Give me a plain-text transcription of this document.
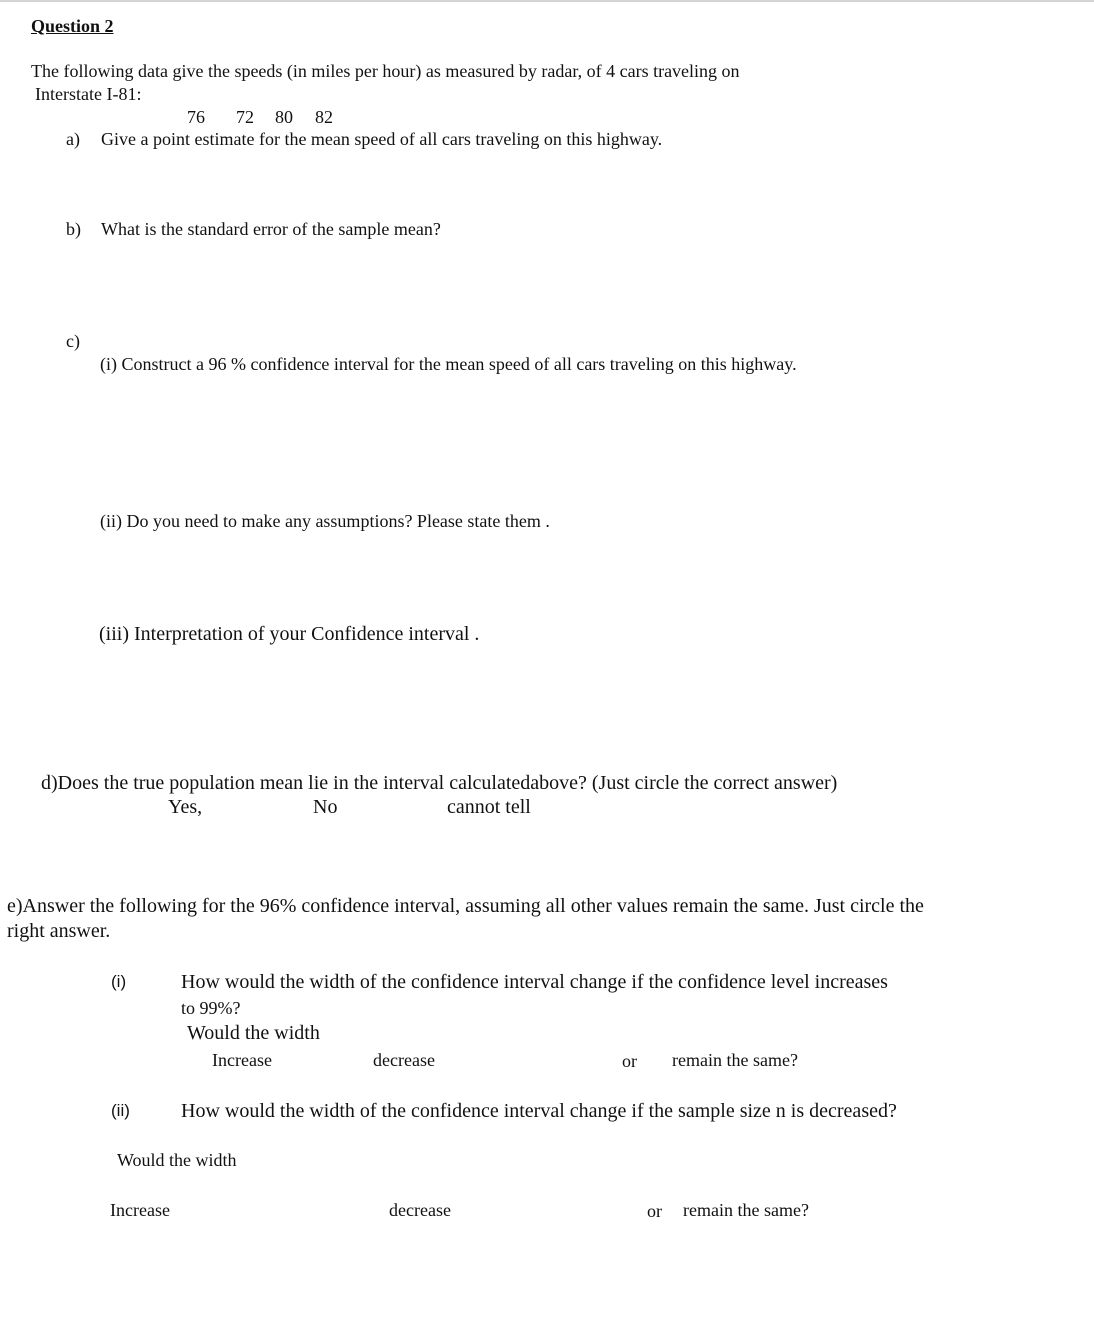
Question 2
The following data give the speeds (in miles per hour) as measured by radar, of 4 cars traveling on
Interstate I-81:
76 72 80 82
a) Give a point estimate for the mean speed of all cars traveling on this highway.
b) What is the standard error of the sample mean?
c)
(i) Construct a 96 % confidence interval for the mean speed of all cars traveling on this highway.
(ii) Do you need to make any assumptions? Please state them .
(iii) Interpretation of your Confidence interval .
d)Does the true population mean lie in the interval calculatedabove? (Just circle the correct answer)
Yes,	No	cannot tell
e)Answer the following for the 96% confidence interval, assuming all other values remain the same. Just circle the
right answer.
(i)	How would the width of the confidence interval change if the confidence level increases
to 99%?
Would the width
Increase	decrease	or remain the same?
(ii)	How would the width of the confidence interval change if the sample size n is decreased?
Would the width
Increase	decrease	or remain the same?
